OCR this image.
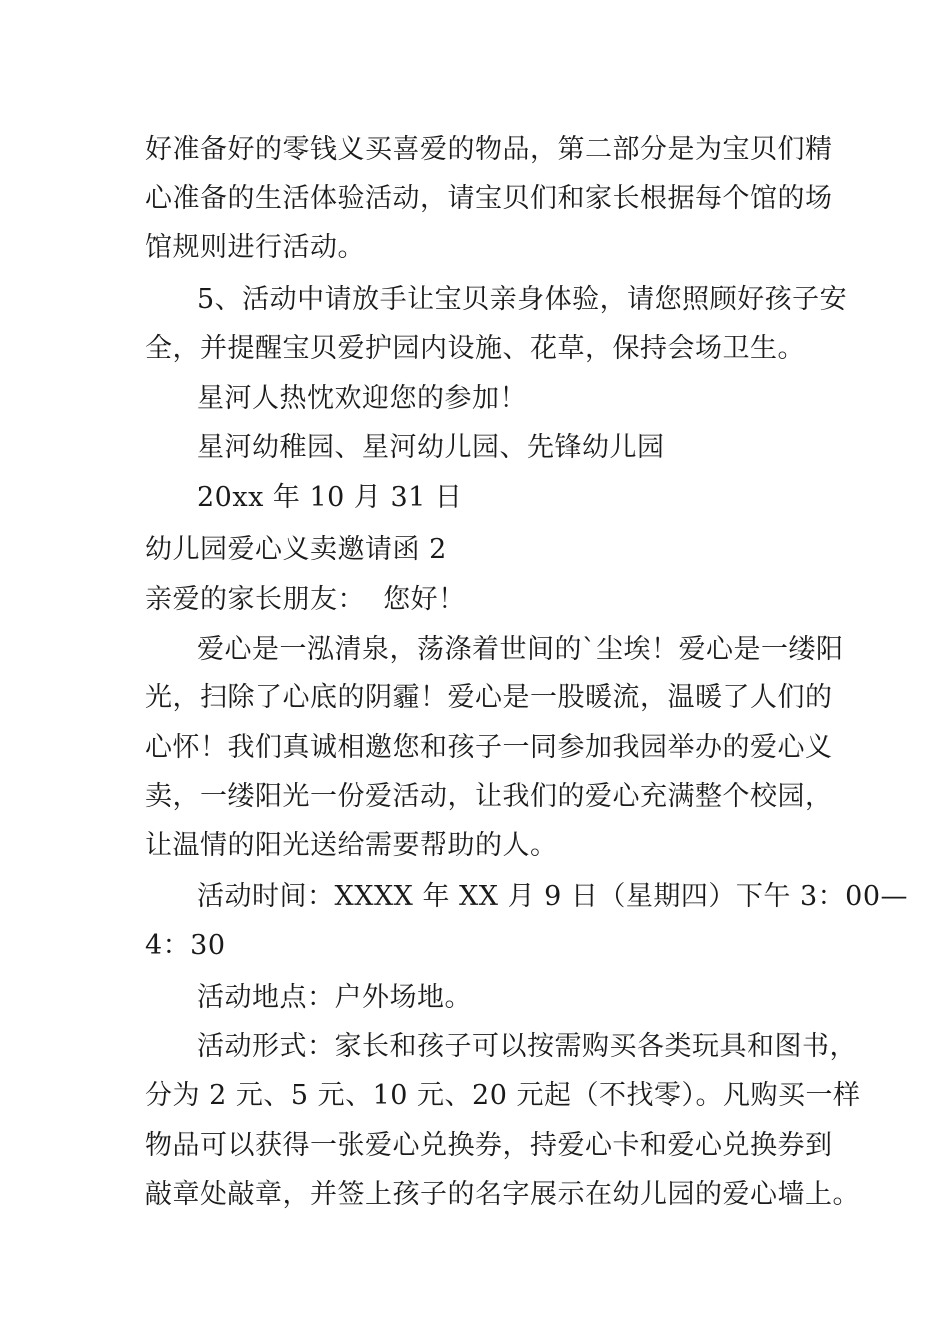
好准备好的零钱义买喜爱的物品，第二部分是为宝贝们精
心准备的生活体验活动，请宝贝们和家长根据每个馆的场
馆规则进行活动。
5、活动中请放手让宝贝亲身体验，请您照顾好孩子安
全，并提醒宝贝爱护园内设施、花草，保持会场卫生。
星河人热忱欢迎您的参加！
星河幼稚园、星河幼儿园、先锋幼儿园
20xx 年 10 月 31 日
幼儿园爱心义卖邀请函 2
亲爱的家长朋友：  您好！
爱心是一泓清泉，荡涤着世间的`尘埃！爱心是一缕阳
光，扫除了心底的阴霾！爱心是一股暖流，温暖了人们的
心怀！我们真诚相邀您和孩子一同参加我园举办的爱心义
卖，一缕阳光一份爱活动，让我们的爱心充满整个校园，
让温情的阳光送给需要帮助的人。
活动时间：XXXX 年 XX 月 9 日（星期四）下午 3：00—
4：30
活动地点：户外场地。
活动形式：家长和孩子可以按需购买各类玩具和图书，
分为 2 元、5 元、10 元、20 元起（不找零）。凡购买一样
物品可以获得一张爱心兑换券，持爱心卡和爱心兑换券到
敲章处敲章，并签上孩子的名字展示在幼儿园的爱心墙上。
